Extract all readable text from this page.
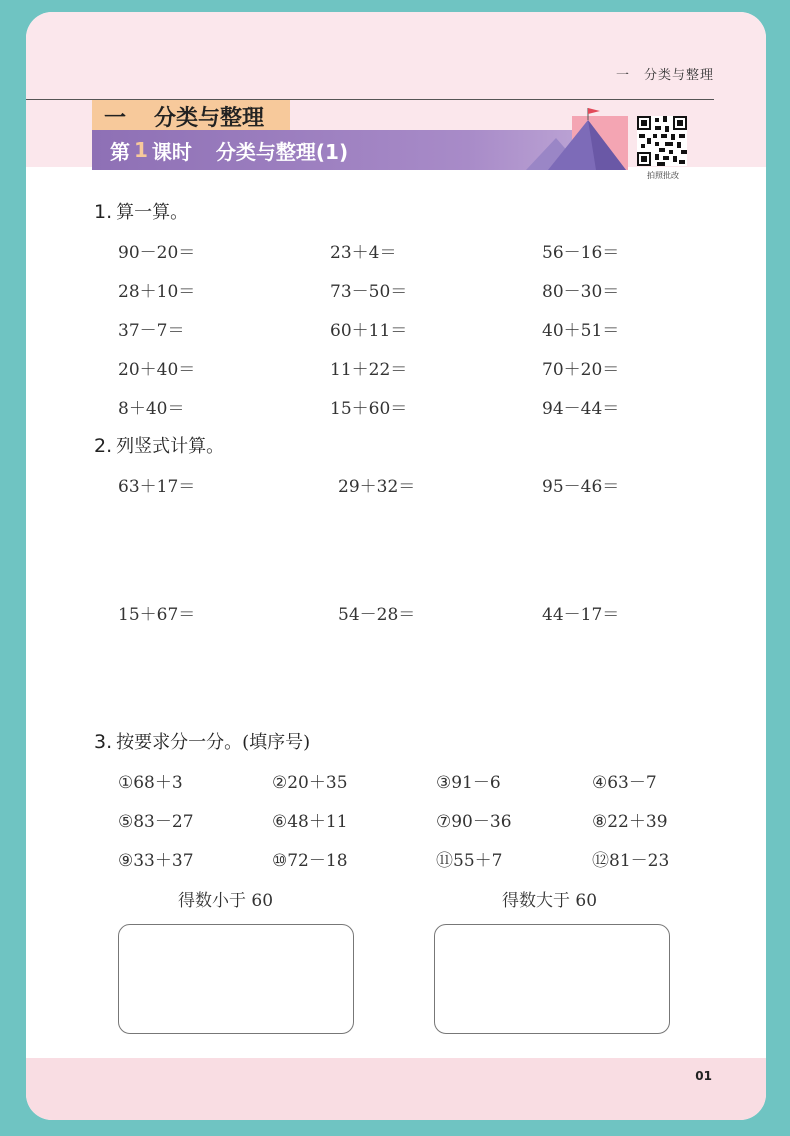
一　分类与整理
一	分类与整理
第 1 课时 分类与整理(1)
拍照批改
1. 算一算。
90－20＝	23＋4＝	56－16＝
28＋10＝	73－50＝	80－30＝
37－7＝	60＋11＝	40＋51＝
20＋40＝	11＋22＝	70＋20＝
8＋40＝	15＋60＝	94－44＝
2. 列竖式计算。
63＋17＝	29＋32＝	95－46＝
15＋67＝	54－28＝	44－17＝
3. 按要求分一分。(填序号)
①68＋3	②20＋35	③91－6	④63－7
⑤83－27	⑥48＋11	⑦90－36	⑧22＋39
⑨33＋37	⑩72－18	⑪55＋7	⑫81－23
得数小于 60	得数大于 60
01
